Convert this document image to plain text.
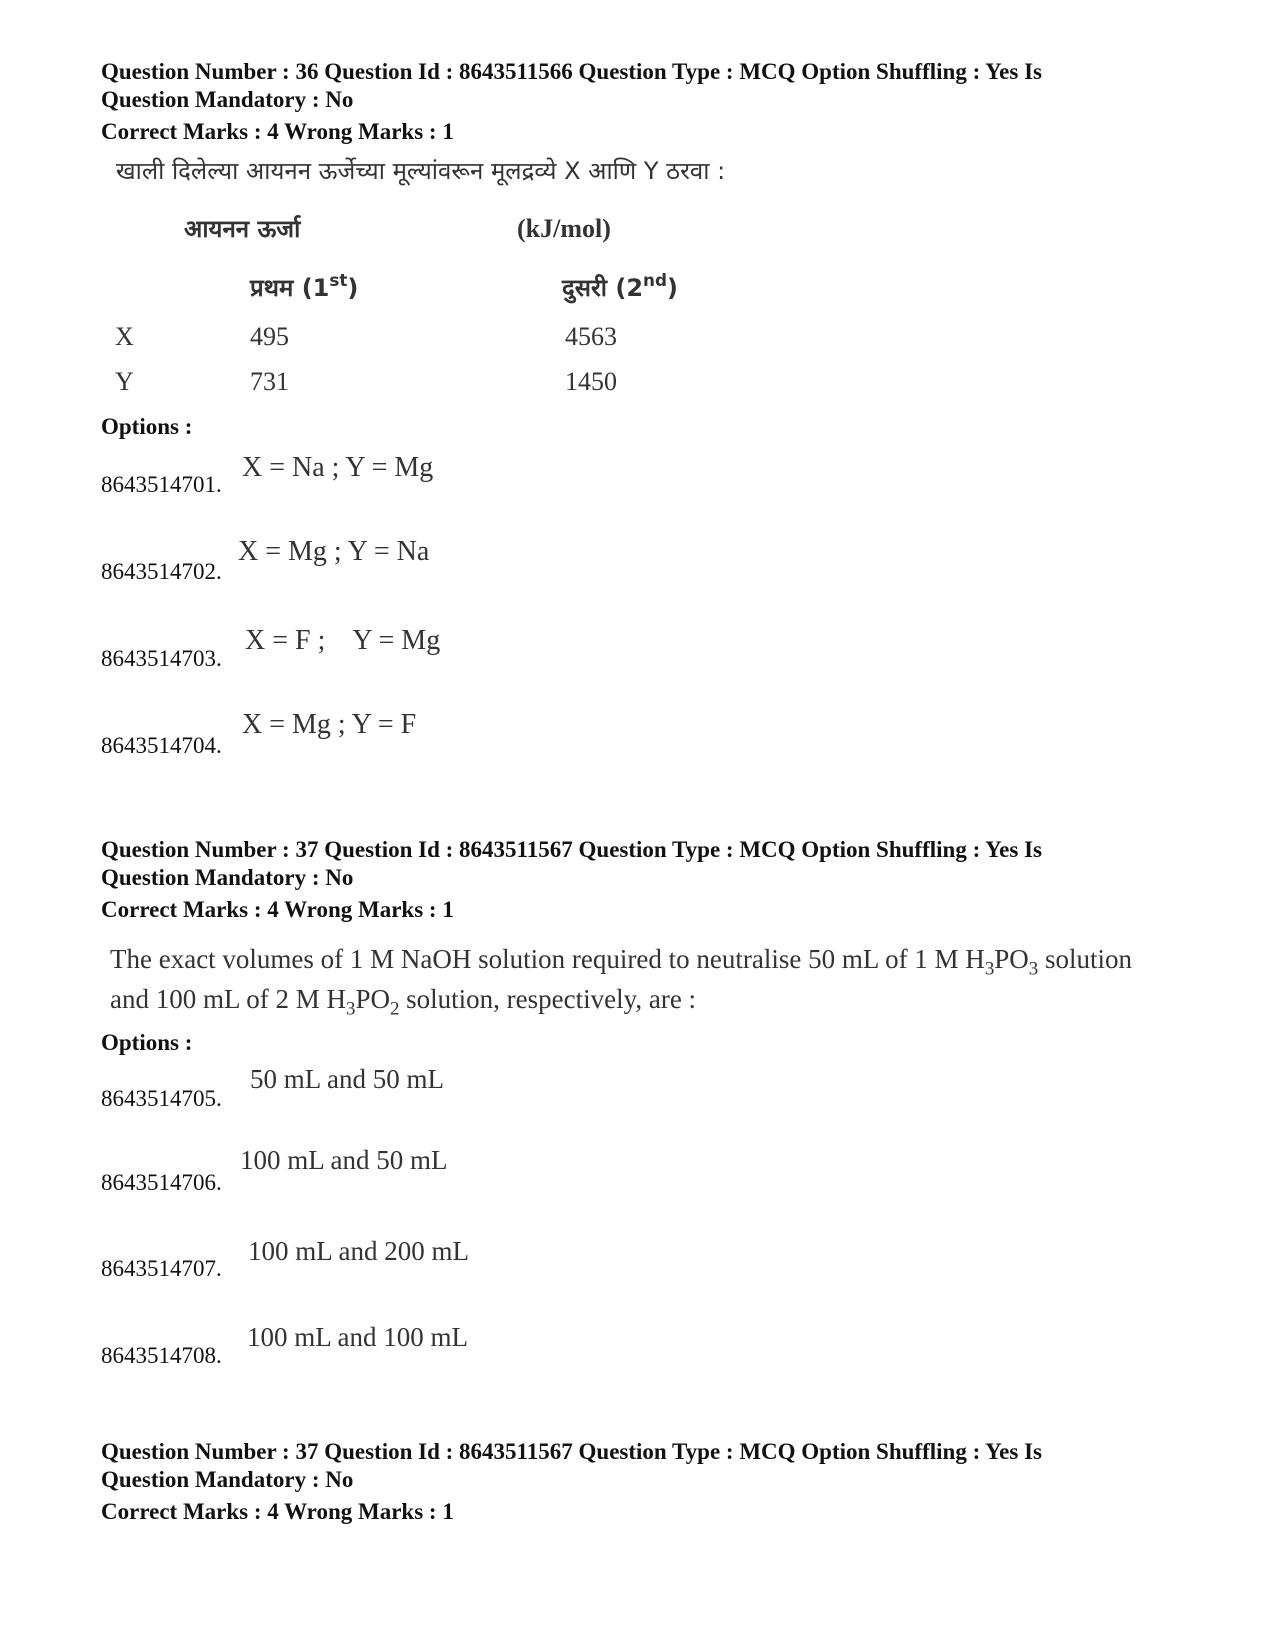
Question Number : 36 Question Id : 8643511566 Question Type : MCQ Option Shuffling : Yes Is
Question Mandatory : No
Correct Marks : 4 Wrong Marks : 1
खाली दिलेल्या आयनन ऊर्जेच्या मूल्यांवरून मूलद्रव्ये X आणि Y ठरवा :
आयनन ऊर्जा	(kJ/mol)
प्रथम (1st)	दुसरी (2nd)
X	495	4563
Y	731	1450
Options :
8643514701.
X = Na ; Y = Mg
8643514702.
X = Mg ; Y = Na
8643514703.
X = F ;    Y = Mg
8643514704.
X = Mg ; Y = F
Question Number : 37 Question Id : 8643511567 Question Type : MCQ Option Shuffling : Yes Is
Question Mandatory : No
Correct Marks : 4 Wrong Marks : 1
The exact volumes of 1 M NaOH solution required to neutralise 50 mL of 1 M $H_3PO_3$ solution
and 100 mL of 2 M $H_3PO_2$ solution, respectively, are :
Options :
8643514705.
50 mL and 50 mL
8643514706.
100 mL and 50 mL
8643514707.
100 mL and 200 mL
8643514708.
100 mL and 100 mL
Question Number : 37 Question Id : 8643511567 Question Type : MCQ Option Shuffling : Yes Is
Question Mandatory : No
Correct Marks : 4 Wrong Marks : 1
